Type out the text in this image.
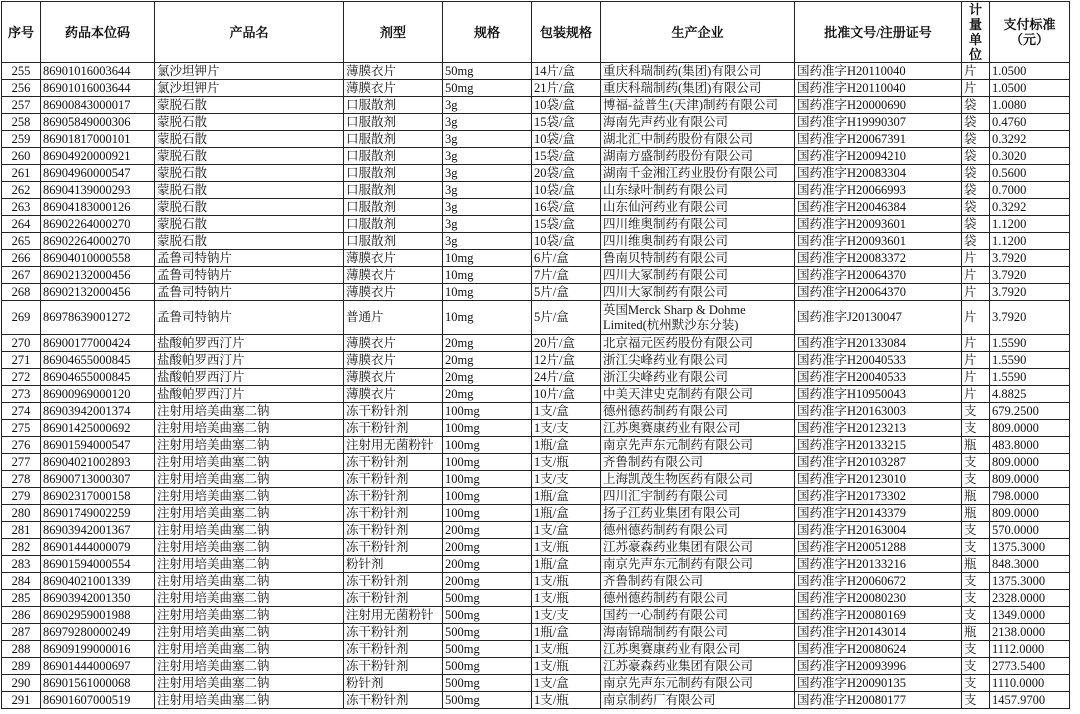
序号	药品本位码	产品名	剂型	规格	包装规格	生产企业	批准文号/注册证号	计量单位	支付标准（元）
255	86901016003644	氯沙坦钾片	薄膜衣片	50mg	14片/盒	重庆科瑞制药(集团)有限公司	国药准字H20110040	片	1.0500
256	86901016003644	氯沙坦钾片	薄膜衣片	50mg	21片/盒	重庆科瑞制药(集团)有限公司	国药准字H20110040	片	1.0500
257	86900843000017	蒙脱石散	口服散剂	3g	10袋/盒	博福-益普生(天津)制药有限公司	国药准字H20000690	袋	1.0080
258	86905849000306	蒙脱石散	口服散剂	3g	15袋/盒	海南先声药业有限公司	国药准字H19990307	袋	0.4760
259	86901817000101	蒙脱石散	口服散剂	3g	10袋/盒	湖北汇中制药股份有限公司	国药准字H20067391	袋	0.3292
260	86904920000921	蒙脱石散	口服散剂	3g	15袋/盒	湖南方盛制药股份有限公司	国药准字H20094210	袋	0.3020
261	86904960000547	蒙脱石散	口服散剂	3g	20袋/盒	湖南千金湘江药业股份有限公司	国药准字H20083304	袋	0.5600
262	86904139000293	蒙脱石散	口服散剂	3g	10袋/盒	山东绿叶制药有限公司	国药准字H20066993	袋	0.7000
263	86904183000126	蒙脱石散	口服散剂	3g	16袋/盒	山东仙河药业有限公司	国药准字H20046384	袋	0.3292
264	86902264000270	蒙脱石散	口服散剂	3g	15袋/盒	四川维奥制药有限公司	国药准字H20093601	袋	1.1200
265	86902264000270	蒙脱石散	口服散剂	3g	10袋/盒	四川维奥制药有限公司	国药准字H20093601	袋	1.1200
266	86904010000558	孟鲁司特钠片	薄膜衣片	10mg	6片/盒	鲁南贝特制药有限公司	国药准字H20083372	片	3.7920
267	86902132000456	孟鲁司特钠片	薄膜衣片	10mg	7片/盒	四川大冢制药有限公司	国药准字H20064370	片	3.7920
268	86902132000456	孟鲁司特钠片	薄膜衣片	10mg	5片/盒	四川大冢制药有限公司	国药准字H20064370	片	3.7920
269	86978639001272	孟鲁司特钠片	普通片	10mg	5片/盒	英国Merck Sharp & Dohme Limited(杭州默沙东分装)	国药准字J20130047	片	3.7920
270	86900177000424	盐酸帕罗西汀片	薄膜衣片	20mg	20片/盒	北京福元医药股份有限公司	国药准字H20133084	片	1.5590
271	86904655000845	盐酸帕罗西汀片	薄膜衣片	20mg	12片/盒	浙江尖峰药业有限公司	国药准字H20040533	片	1.5590
272	86904655000845	盐酸帕罗西汀片	薄膜衣片	20mg	24片/盒	浙江尖峰药业有限公司	国药准字H20040533	片	1.5590
273	86900969000120	盐酸帕罗西汀片	薄膜衣片	20mg	10片/盒	中美天津史克制药有限公司	国药准字H10950043	片	4.8825
274	86903942001374	注射用培美曲塞二钠	冻干粉针剂	100mg	1支/盒	德州德药制药有限公司	国药准字H20163003	支	679.2500
275	86901425000692	注射用培美曲塞二钠	冻干粉针剂	100mg	1支/支	江苏奥赛康药业有限公司	国药准字H20123213	支	809.0000
276	86901594000547	注射用培美曲塞二钠	注射用无菌粉针	100mg	1瓶/盒	南京先声东元制药有限公司	国药准字H20133215	瓶	483.8000
277	86904021002893	注射用培美曲塞二钠	冻干粉针剂	100mg	1支/瓶	齐鲁制药有限公司	国药准字H20103287	支	809.0000
278	86900713000307	注射用培美曲塞二钠	冻干粉针剂	100mg	1支/支	上海凯茂生物医药有限公司	国药准字H20123010	支	809.0000
279	86902317000158	注射用培美曲塞二钠	冻干粉针剂	100mg	1瓶/盒	四川汇宇制药有限公司	国药准字H20173302	瓶	798.0000
280	86901749002259	注射用培美曲塞二钠	冻干粉针剂	100mg	1瓶/盒	扬子江药业集团有限公司	国药准字H20143379	瓶	809.0000
281	86903942001367	注射用培美曲塞二钠	冻干粉针剂	200mg	1支/盒	德州德药制药有限公司	国药准字H20163004	支	570.0000
282	86901444000079	注射用培美曲塞二钠	冻干粉针剂	200mg	1支/瓶	江苏豪森药业集团有限公司	国药准字H20051288	支	1375.3000
283	86901594000554	注射用培美曲塞二钠	粉针剂	200mg	1瓶/盒	南京先声东元制药有限公司	国药准字H20133216	瓶	848.3000
284	86904021001339	注射用培美曲塞二钠	冻干粉针剂	200mg	1支/瓶	齐鲁制药有限公司	国药准字H20060672	支	1375.3000
285	86903942001350	注射用培美曲塞二钠	冻干粉针剂	500mg	1支/瓶	德州德药制药有限公司	国药准字H20080230	支	2328.0000
286	86902959001988	注射用培美曲塞二钠	注射用无菌粉针	500mg	1支/支	国药一心制药有限公司	国药准字H20080169	支	1349.0000
287	86979280000249	注射用培美曲塞二钠	冻干粉针剂	500mg	1瓶/盒	海南锦瑞制药有限公司	国药准字H20143014	瓶	2138.0000
288	86909199000016	注射用培美曲塞二钠	冻干粉针剂	500mg	1支/瓶	江苏奥赛康药业有限公司	国药准字H20080624	支	1112.0000
289	86901444000697	注射用培美曲塞二钠	冻干粉针剂	500mg	1支/瓶	江苏豪森药业集团有限公司	国药准字H20093996	支	2773.5400
290	86901561000068	注射用培美曲塞二钠	粉针剂	500mg	1支/盒	南京先声东元制药有限公司	国药准字H20090135	支	1110.0000
291	86901607000519	注射用培美曲塞二钠	冻干粉针剂	500mg	1支/瓶	南京制药厂有限公司	国药准字H20080177	支	1457.9700
